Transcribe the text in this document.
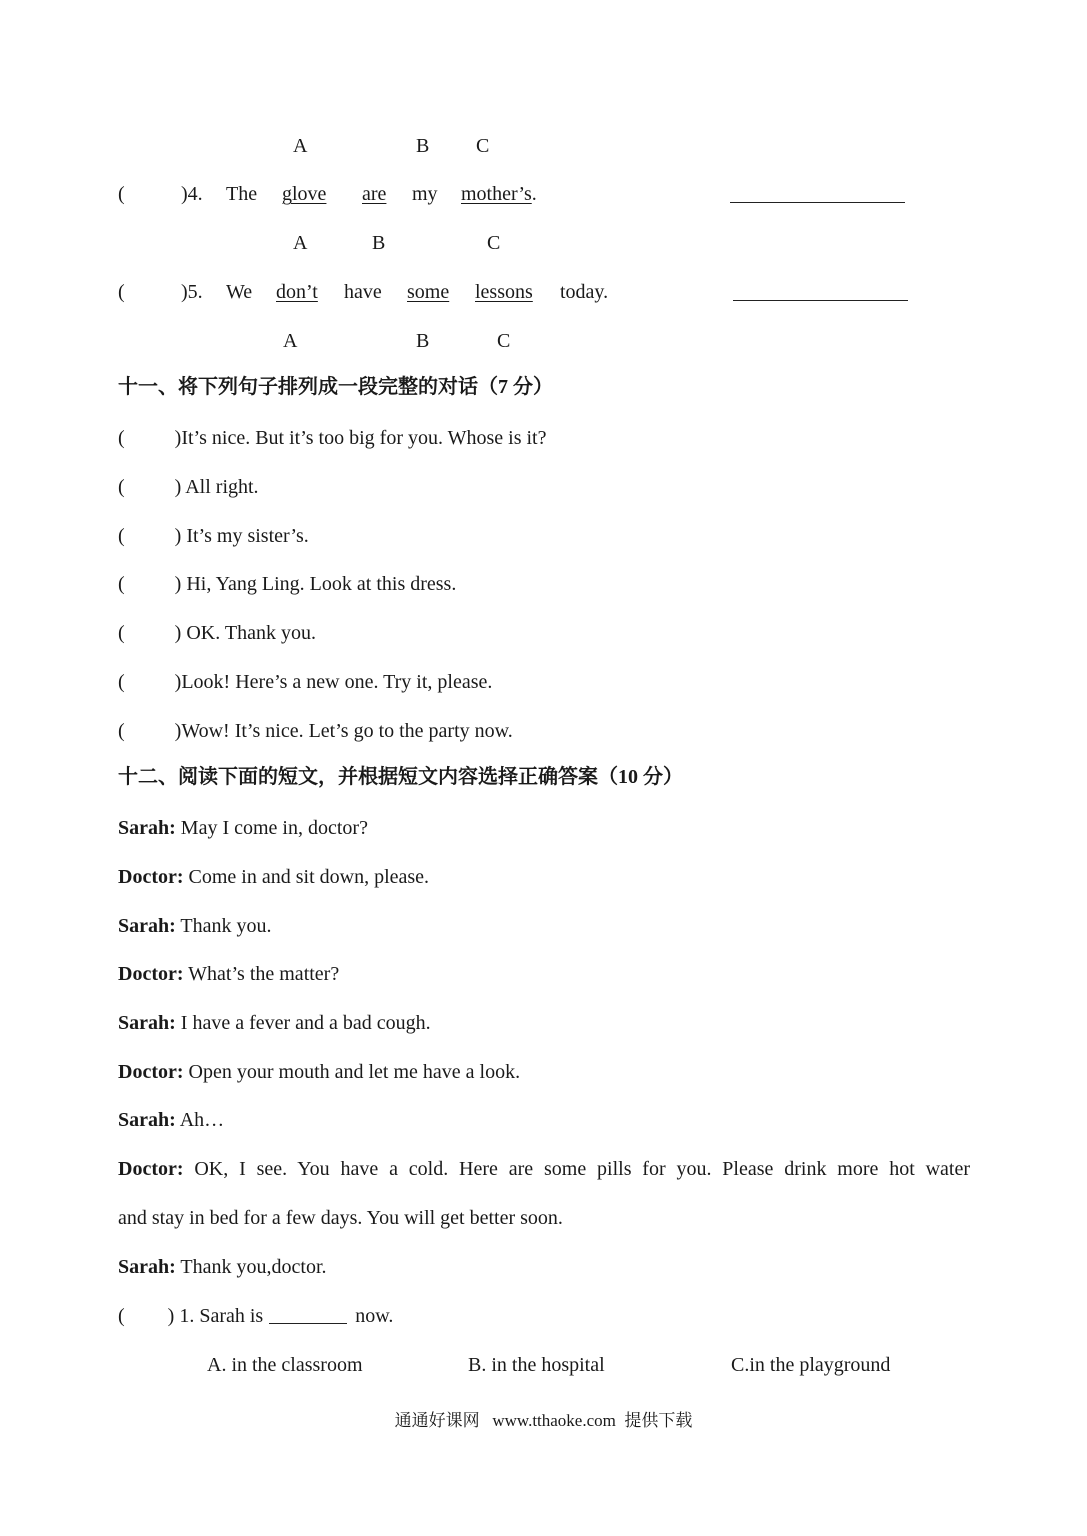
A	B C
(	)4. The glove are my mother’s.
A	B	C
(	)5. We don’t have some lessons today.
A	B	C
十一、将下列句子排列成一段完整的对话（7 分）
(	)It’s nice. But it’s too big for you. Whose is it?
(	) All right.
(	) It’s my sister’s.
(	) Hi, Yang Ling. Look at this dress.
(	) OK. Thank you.
(	)Look! Here’s a new one. Try it, please.
(	)Wow! It’s nice. Let’s go to the party now.
十二、阅读下面的短文，并根据短文内容选择正确答案（10 分）
Sarah: May I come in, doctor?
Doctor: Come in and sit down, please.
Sarah: Thank you.
Doctor: What’s the matter?
Sarah: I have a fever and a bad cough.
Doctor: Open your mouth and let me have a look.
Sarah: Ah…
Doctor: OK, I see. You have a cold. Here are some pills for you. Please drink more hot water
and stay in bed for a few days. You will get better soon.
Sarah: Thank you,doctor.
( ) 1. Sarah is	now.
A. in the classroom	B. in the hospital	C.in the playground
通通好课网   www.tthaoke.com  提供下载
